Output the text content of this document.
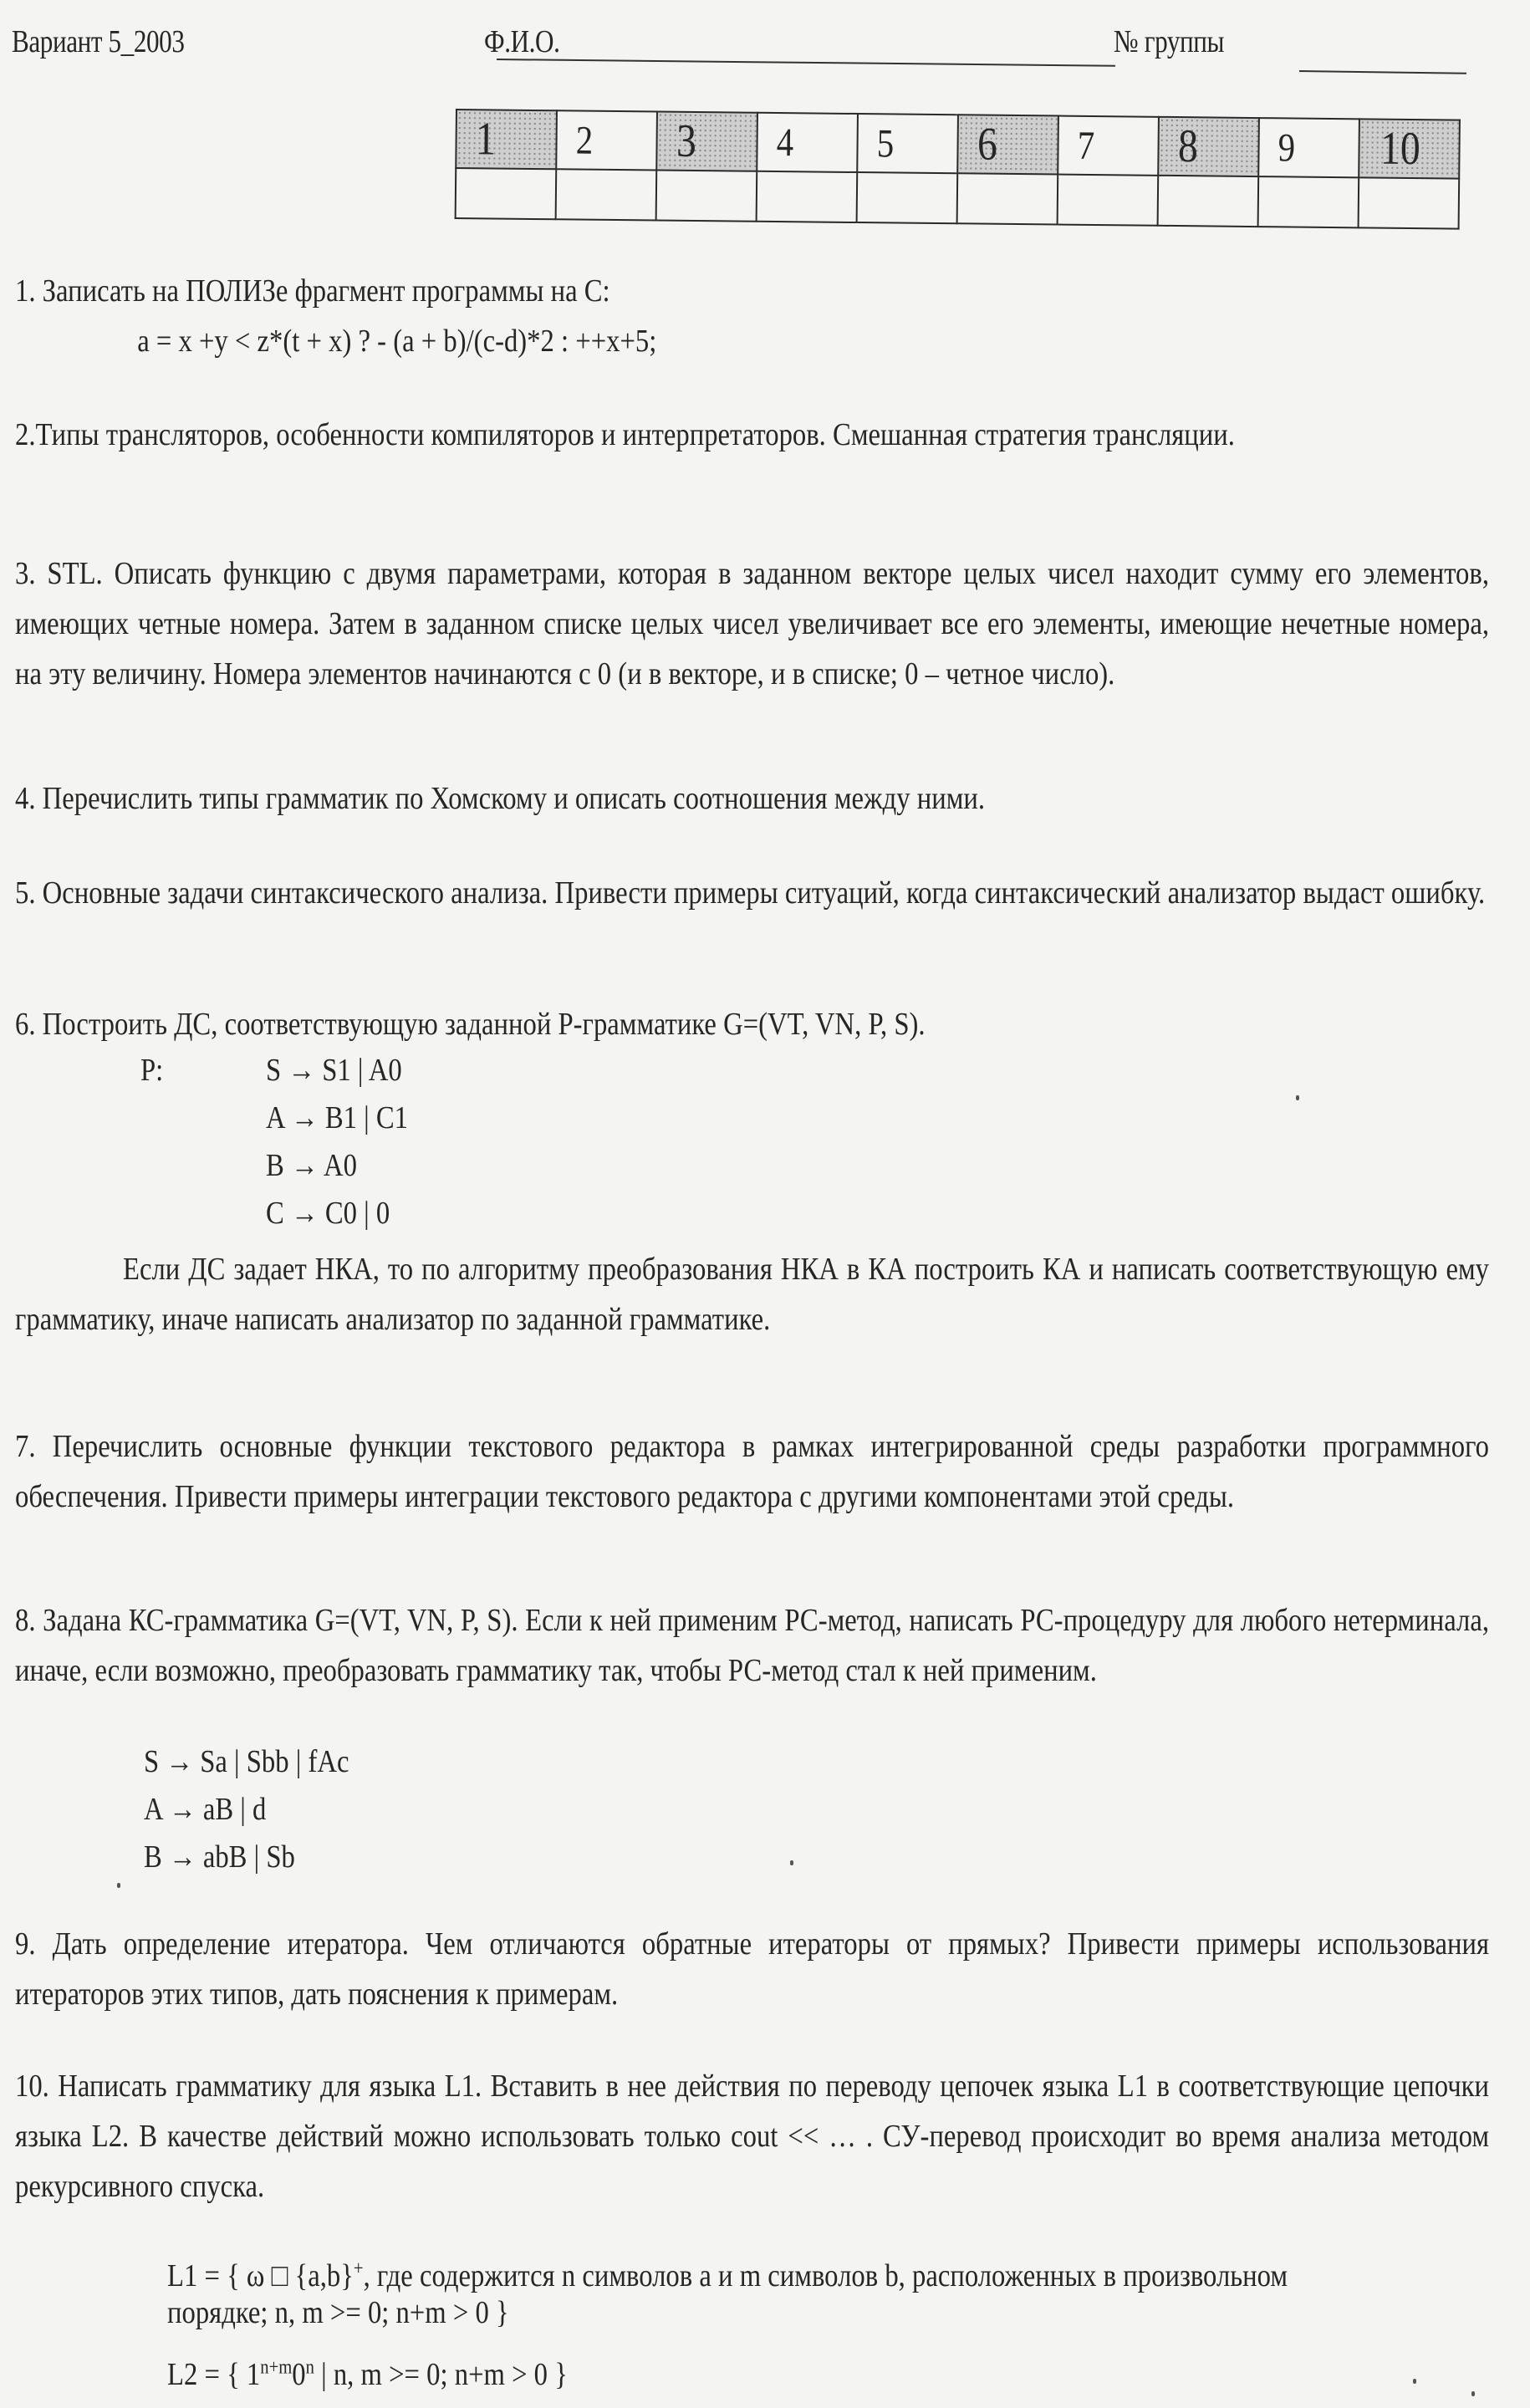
Вариант 5_2003	Ф.И.О.	№ группы
1	2	3	4	5	6	7	8	9	10

1. Записать на ПОЛИЗе фрагмент программы на С:

a = x +y < z*(t + x) ? - (a + b)/(c-d)*2 : ++x+5;

2.Типы трансляторов, особенности компиляторов и интерпретаторов. Смешанная стратегия трансляции.

3. STL. Описать функцию с двумя параметрами, которая в заданном векторе целых чисел находит сумму его элементов, имеющих четные номера. Затем в заданном списке целых чисел увеличивает все его элементы, имеющие нечетные номера, на эту величину. Номера элементов начинаются с 0 (и в векторе, и в списке; 0 – четное число).

4. Перечислить типы грамматик по Хомскому и описать соотношения между ними.

5. Основные задачи синтаксического анализа. Привести примеры ситуаций, когда синтаксический анализатор выдаст ошибку.

6. Построить ДС, соответствующую заданной Р-грамматике G=(VT, VN, P, S).

P:	S → S1 | A0
A → B1 | C1
B → A0
C → C0 | 0

Если ДС задает НКА, то по алгоритму преобразования НКА в КА построить КА и написать соответствующую ему грамматику, иначе написать анализатор по заданной грамматике.

7. Перечислить основные функции текстового редактора в рамках интегрированной среды разработки программного обеспечения. Привести примеры интеграции текстового редактора с другими компонентами этой среды.

8. Задана КС-грамматика G=(VT, VN, P, S). Если к ней применим РС-метод, написать РС-процедуру для любого нетерминала, иначе, если возможно, преобразовать грамматику так, чтобы РС-метод стал к ней применим.

S → Sa | Sbb | fAc
A → aB | d
B → abB | Sb

9. Дать определение итератора. Чем отличаются обратные итераторы от прямых? Привести примеры использования итераторов этих типов, дать пояснения к примерам.

10. Написать грамматику для языка L1. Вставить в нее действия по переводу цепочек языка L1 в соответствующие цепочки языка L2. В качестве действий можно использовать только cout << … . СУ-перевод происходит во время анализа методом рекурсивного спуска.

L1 = { ω □ {a,b}+, где содержится n символов a и m символов b, расположенных в произвольном порядке; n, m >= 0; n+m > 0 }
L2 = { $1^{n+m}0^n$ | n, m >= 0; n+m > 0 }
